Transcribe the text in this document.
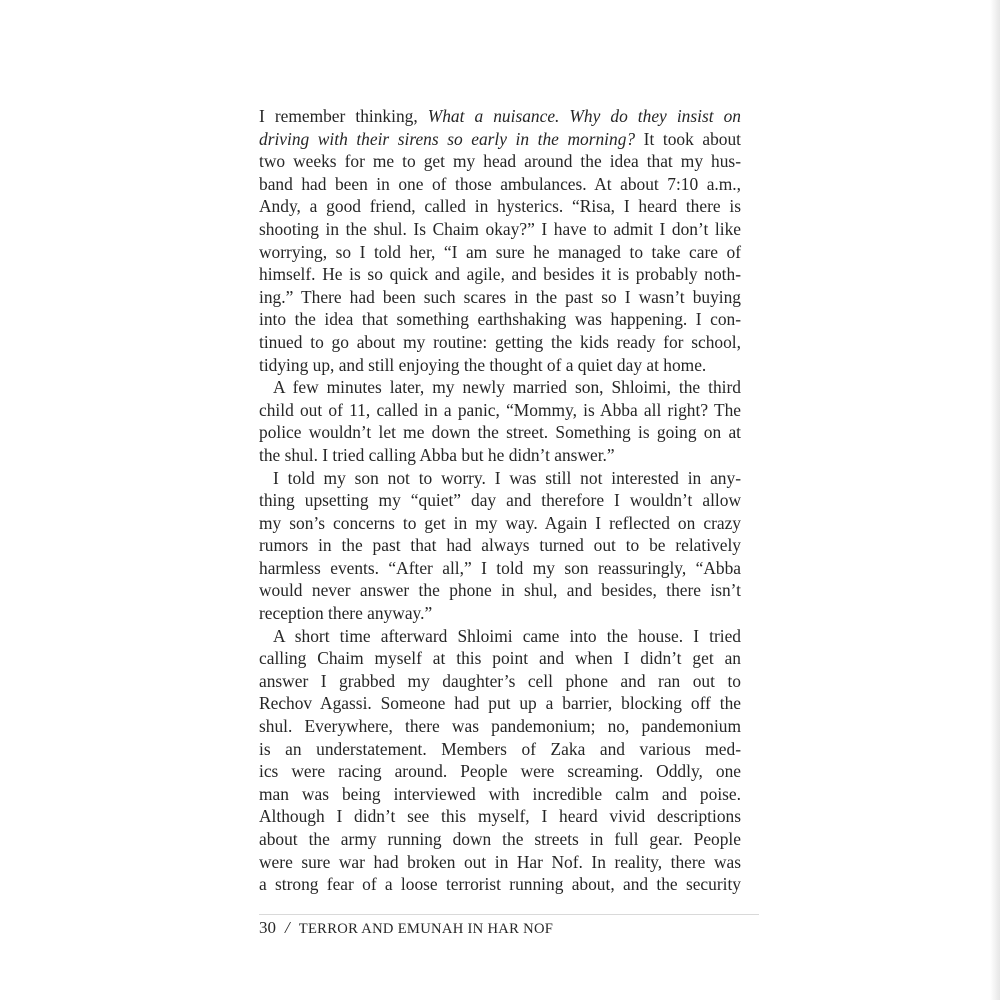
I remember thinking, What a nuisance. Why do they insist on
driving with their sirens so early in the morning? It took about
two weeks for me to get my head around the idea that my hus-
band had been in one of those ambulances. At about 7:10 a.m.,
Andy, a good friend, called in hysterics. “Risa, I heard there is
shooting in the shul. Is Chaim okay?” I have to admit I don’t like
worrying, so I told her, “I am sure he managed to take care of
himself. He is so quick and agile, and besides it is probably noth-
ing.” There had been such scares in the past so I wasn’t buying
into the idea that something earthshaking was happening. I con-
tinued to go about my routine: getting the kids ready for school,
tidying up, and still enjoying the thought of a quiet day at home.
A few minutes later, my newly married son, Shloimi, the third
child out of 11, called in a panic, “Mommy, is Abba all right? The
police wouldn’t let me down the street. Something is going on at
the shul. I tried calling Abba but he didn’t answer.”
I told my son not to worry. I was still not interested in any-
thing upsetting my “quiet” day and therefore I wouldn’t allow
my son’s concerns to get in my way. Again I reflected on crazy
rumors in the past that had always turned out to be relatively
harmless events. “After all,” I told my son reassuringly, “Abba
would never answer the phone in shul, and besides, there isn’t
reception there anyway.”
A short time afterward Shloimi came into the house. I tried
calling Chaim myself at this point and when I didn’t get an
answer I grabbed my daughter’s cell phone and ran out to
Rechov Agassi. Someone had put up a barrier, blocking off the
shul. Everywhere, there was pandemonium; no, pandemonium
is an understatement. Members of Zaka and various med-
ics were racing around. People were screaming. Oddly, one
man was being interviewed with incredible calm and poise.
Although I didn’t see this myself, I heard vivid descriptions
about the army running down the streets in full gear. People
were sure war had broken out in Har Nof. In reality, there was
a strong fear of a loose terrorist running about, and the security
30 / TERROR AND EMUNAH IN HAR NOF
